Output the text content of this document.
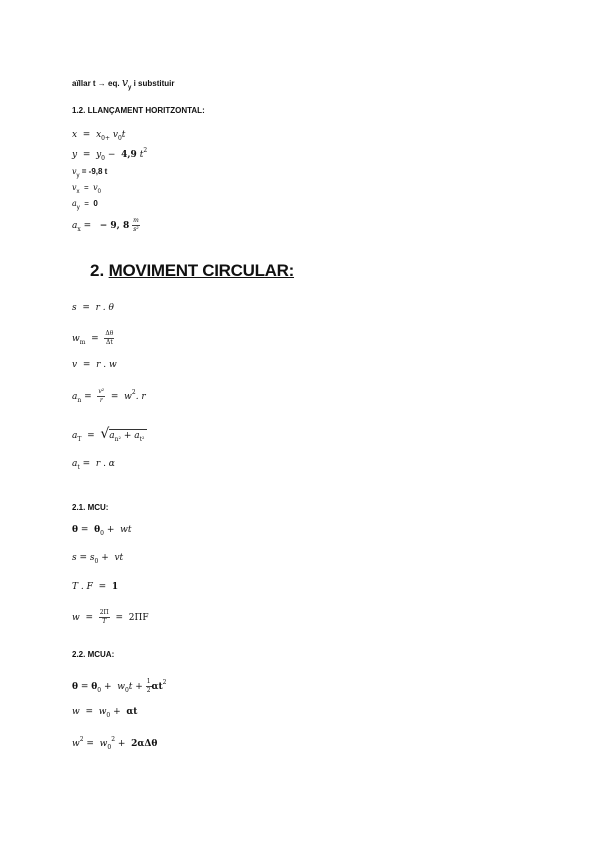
aïllar t → eq. $v_y$ i substituir
1.2. LLANÇAMENT HORITZONTAL:
$x = x_{0+}$ $v_0t$
$y = y_0 - 4,9$ $t^2$
$v_y = -9,8$ t
$v_x = v_0$
$a_y = 0$
$a_x$ =   − 9, $8 \frac{m}{\text{s²}}$
2. MOVIMENT CIRCULAR:
s  =  r . θ
$w_m = \frac{\Delta\theta}{\Delta t}$
v  =  r . w
$a_n = \frac{\text{v²}}{r} = w^2$. r
$a_T = √a_{n^2} + a_{t^2}$
$a_t = r$ . α
2.1. MCU:
$\theta = \theta_0$ +  wt
$s = s_0$ +  vt
T . F  =  1
$w = \frac{2\Pi}{T} = 2\Pi F$
2.2. MCUA:
$\theta = \theta_0 + w_0t + \frac{1}{2} \alpha t^2$
$w = w_0 + \alpha t$
$w^2 = w_0^2 + 2\alpha\Delta\theta$
